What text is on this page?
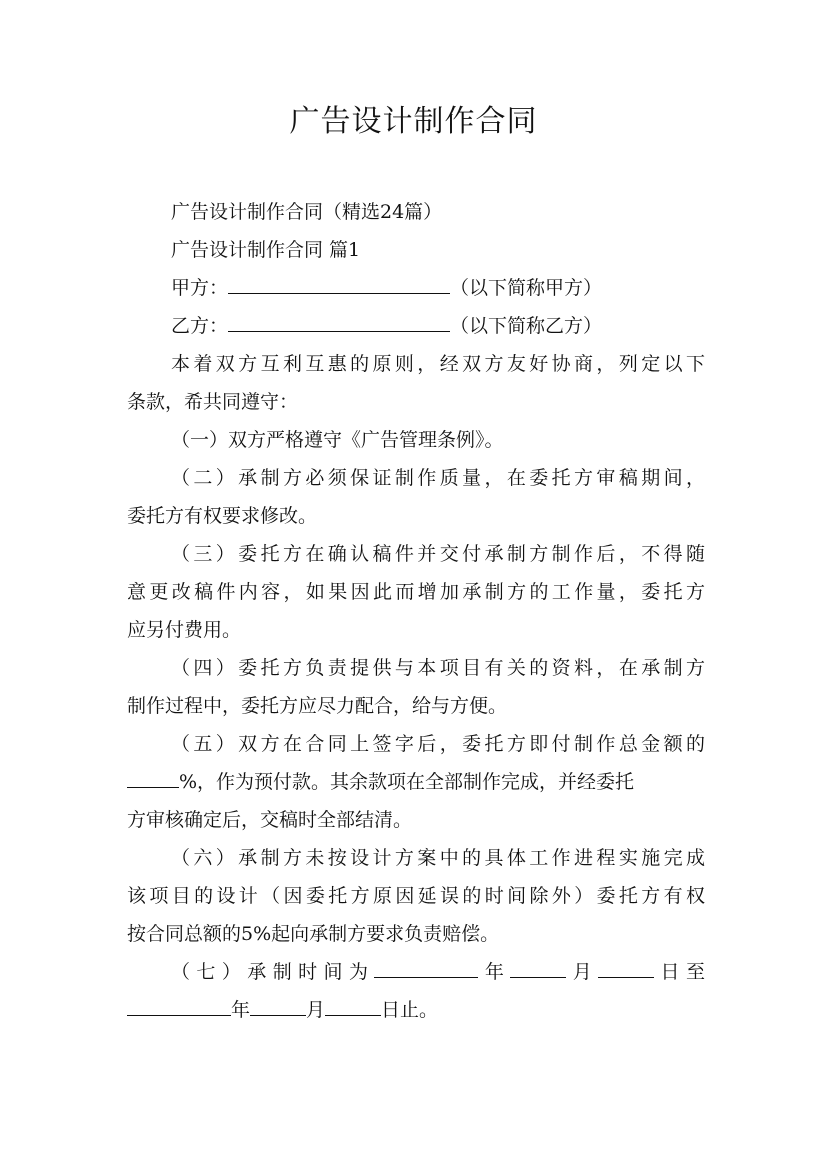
广告设计制作合同

广告设计制作合同（精选24篇）

广告设计制作合同 篇1

甲方：	（以下简称甲方）

乙方：	（以下简称乙方）

本着双方互利互惠的原则，经双方友好协商，列定以下

条款，希共同遵守：

（一）双方严格遵守《广告管理条例》。

（二）承制方必须保证制作质量，在委托方审稿期间，

委托方有权要求修改。

（三）委托方在确认稿件并交付承制方制作后，不得随

意更改稿件内容，如果因此而增加承制方的工作量，委托方

应另付费用。

（四）委托方负责提供与本项目有关的资料，在承制方

制作过程中，委托方应尽力配合，给与方便。

（五）双方在合同上签字后，委托方即付制作总金额的

%，作为预付款。其余款项在全部制作完成，并经委托

方审核确定后，交稿时全部结清。

（六）承制方未按设计方案中的具体工作进程实施完成

该项目的设计（因委托方原因延误的时间除外）委托方有权

按合同总额的5%起向承制方要求负责赔偿。

（七）承制时间为	年	月	日至

年	月	日止。
